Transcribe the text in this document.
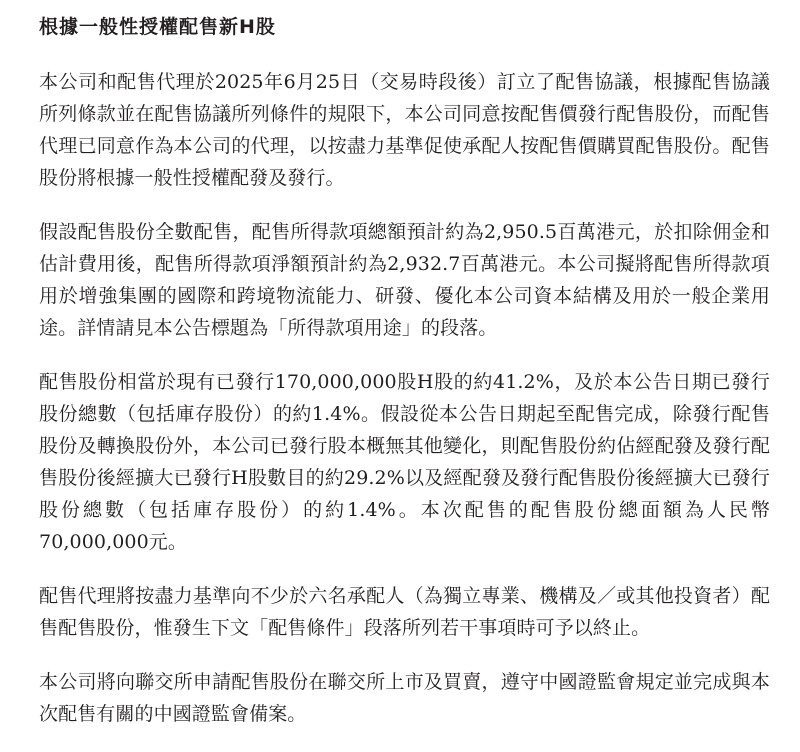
根據一般性授權配售新H股

本公司和配售代理於2025年6月25日（交易時段後）訂立了配售協議，根據配售協議所列條款並在配售協議所列條件的規限下，本公司同意按配售價發行配售股份，而配售代理已同意作為本公司的代理，以按盡力基準促使承配人按配售價購買配售股份。配售股份將根據一般性授權配發及發行。

假設配售股份全數配售，配售所得款項總額預計約為2,950.5百萬港元，於扣除佣金和估計費用後，配售所得款項淨額預計約為2,932.7百萬港元。本公司擬將配售所得款項用於增強集團的國際和跨境物流能力、研發、優化本公司資本結構及用於一般企業用途。詳情請見本公告標題為「所得款項用途」的段落。

配售股份相當於現有已發行170,000,000股H股的約41.2%，及於本公告日期已發行股份總數（包括庫存股份）的約1.4%。假設從本公告日期起至配售完成，除發行配售股份及轉換股份外，本公司已發行股本概無其他變化，則配售股份約佔經配發及發行配售股份後經擴大已發行H股數目的約29.2%以及經配發及發行配售股份後經擴大已發行股份總數（包括庫存股份）的約1.4%。本次配售的配售股份總面額為人民幣70,000,000元。

配售代理將按盡力基準向不少於六名承配人（為獨立專業、機構及／或其他投資者）配售配售股份，惟發生下文「配售條件」段落所列若干事項時可予以終止。

本公司將向聯交所申請配售股份在聯交所上市及買賣，遵守中國證監會規定並完成與本次配售有關的中國證監會備案。
